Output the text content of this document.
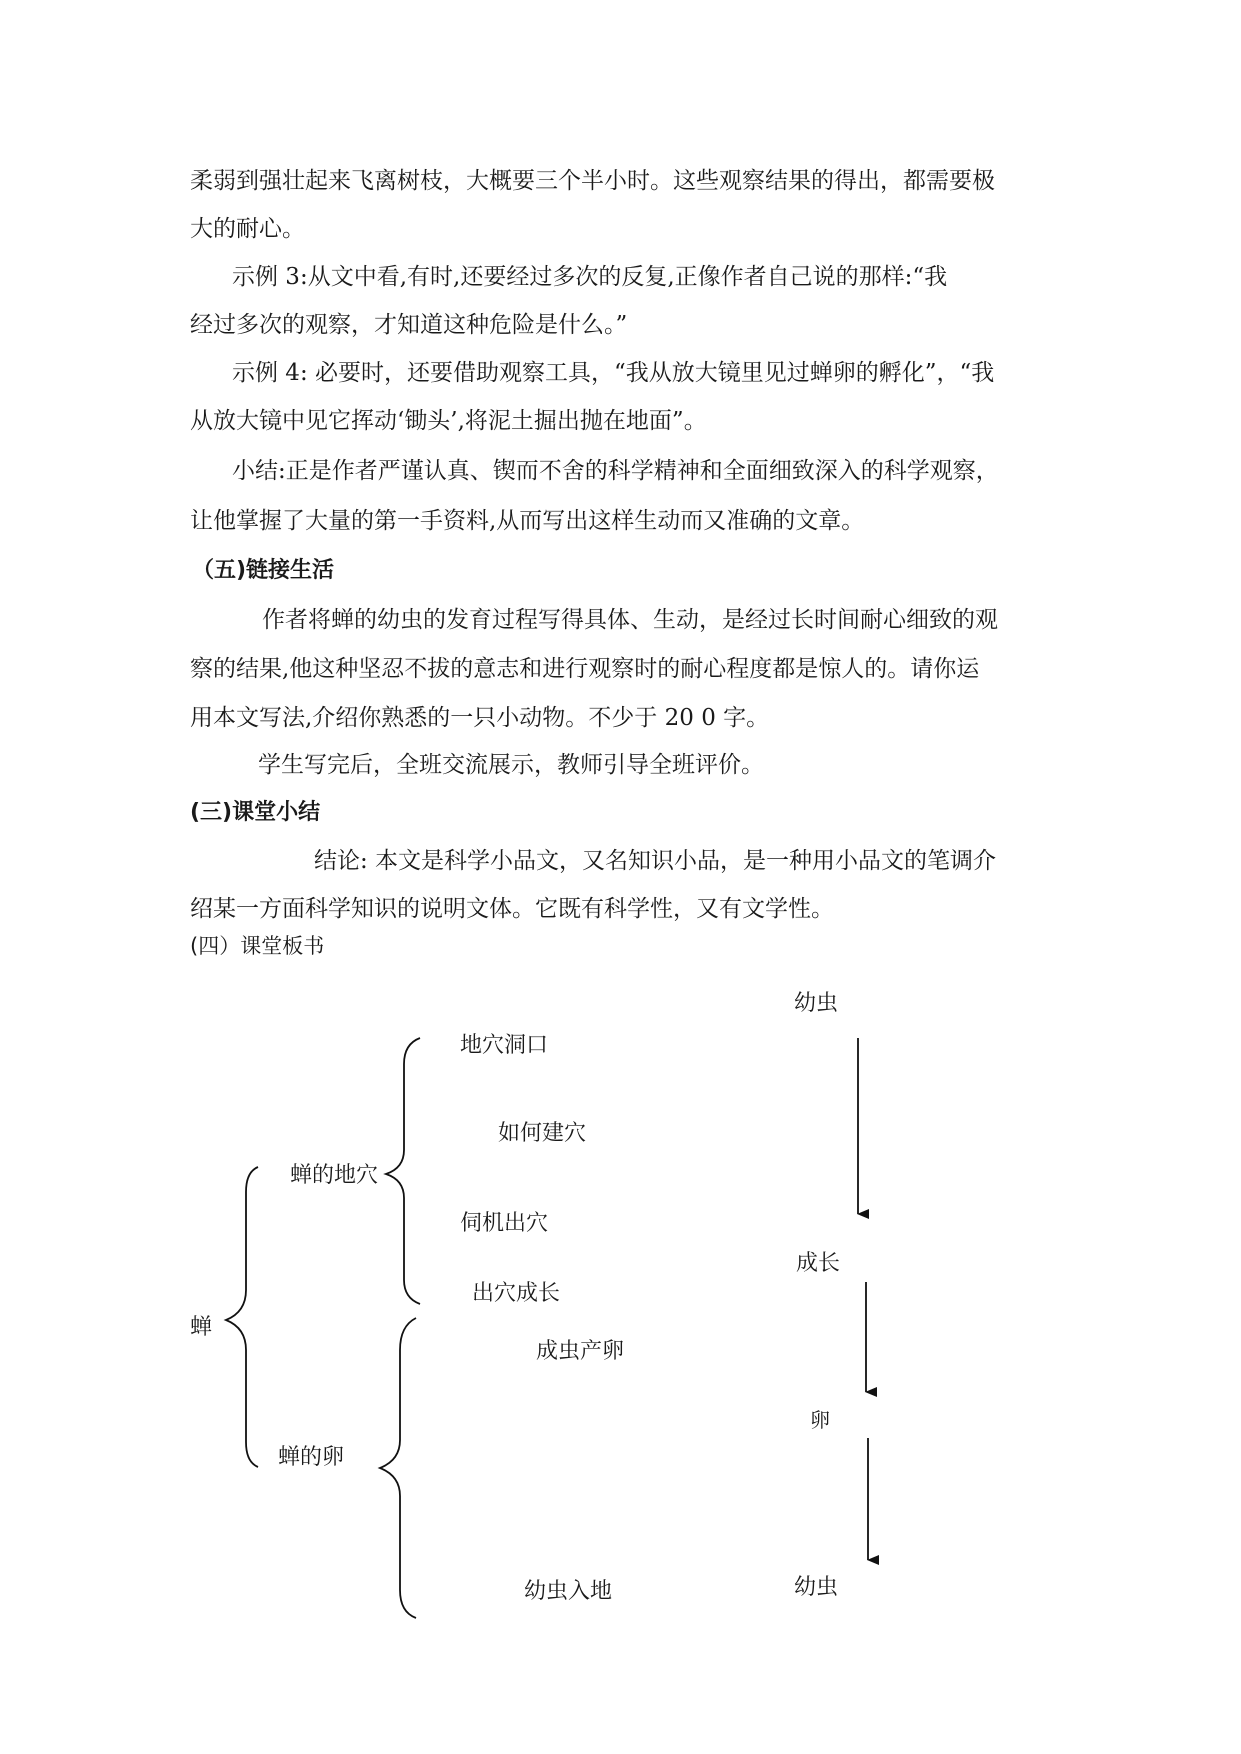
柔弱到强壮起来飞离树枝，大概要三个半小时。这些观察结果的得出，都需要极
大的耐心。
示例 3:从文中看,有时,还要经过多次的反复,正像作者自己说的那样:“我
经过多次的观察，才知道这种危险是什么。”
示例 4: 必要时，还要借助观察工具，“我从放大镜里见过蝉卵的孵化”，“我
从放大镜中见它挥动‘锄头’,将泥土掘出抛在地面”。
小结:正是作者严谨认真、锲而不舍的科学精神和全面细致深入的科学观察，
让他掌握了大量的第一手资料,从而写出这样生动而又准确的文章。
（五)链接生活
作者将蝉的幼虫的发育过程写得具体、生动，是经过长时间耐心细致的观
察的结果,他这种坚忍不拔的意志和进行观察时的耐心程度都是惊人的。请你运
用本文写法,介绍你熟悉的一只小动物。不少于 20 0 字。
学生写完后，全班交流展示，教师引导全班评价。
(三)课堂小结
结论: 本文是科学小品文，又名知识小品，是一种用小品文的笔调介
绍某一方面科学知识的说明文体。它既有科学性，又有文学性。
(四）课堂板书
蝉
蝉的地穴
蝉的卵
地穴洞口
如何建穴
伺机出穴
出穴成长
成虫产卵
幼虫入地
幼虫
成长
卵
幼虫
